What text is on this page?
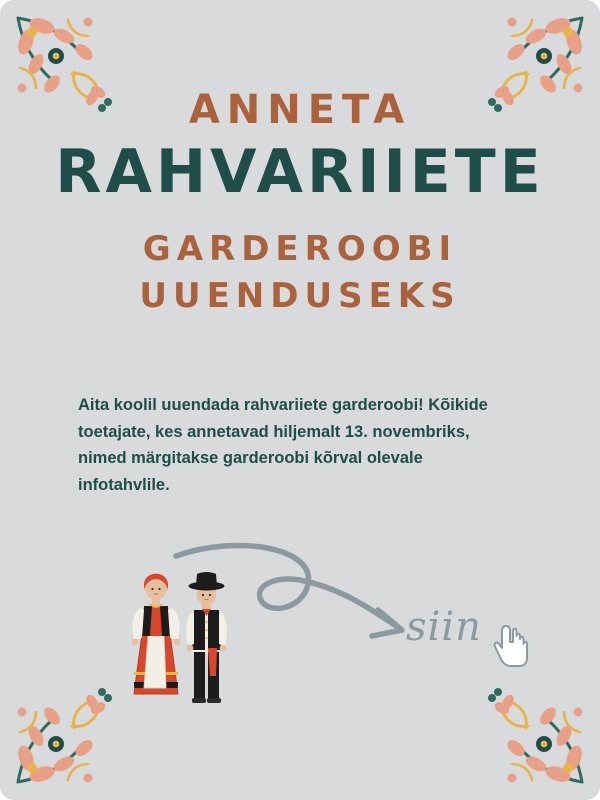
ANNETA
RAHVARIIETE
GARDEROOBI
UUENDUSEKS
Aita koolil uuendada rahvariiete garderoobi! Kõikide toetajate, kes annetavad hiljemalt 13. novembriks, nimed märgitakse garderoobi kõrval olevale infotahvlile.
siin
